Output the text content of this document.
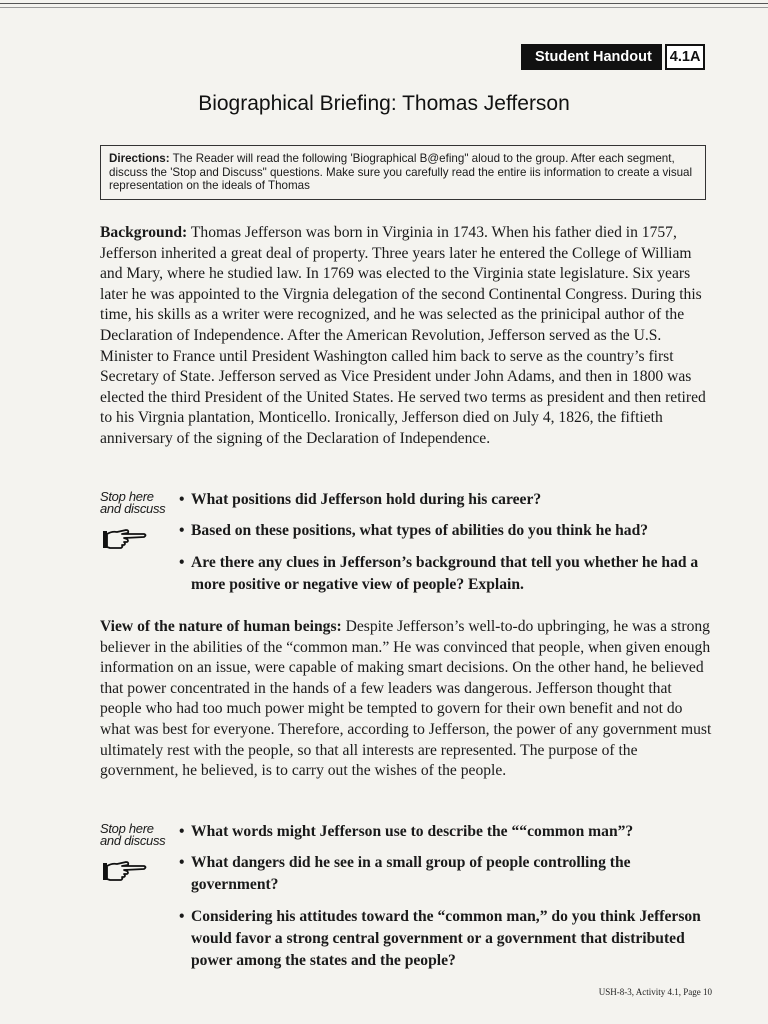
Student Handout	4.1A
Biographical Briefing: Thomas Jefferson
Directions: The Reader will read the following 'Biographical B@efing" aloud to the group. After each segment, discuss the 'Stop and Discuss" questions. Make sure you carefully read the entire iis information to create a visual representation on the ideals of Thomas

Background: Thomas Jefferson was born in Virginia in 1743. When his father died in 1757, Jefferson inherited a great deal of property. Three years later he entered the College of William and Mary, where he studied law. In 1769 was elected to the Virginia state legislature. Six years later he was appointed to the Virgnia delegation of the second Continental Congress. During this time, his skills as a writer were recognized, and he was selected as the prinicipal author of the Declaration of Independence. After the American Revolution, Jefferson served as the U.S. Minister to France until President Washington called him back to serve as the country’s first Secretary of State. Jefferson served as Vice President under John Adams, and then in 1800 was elected the third President of the United States. He served two terms as president and then retired to his Virgnia plantation, Monticello. Ironically, Jefferson died on July 4, 1826, the fiftieth anniversary of the signing of the Declaration of Independence.

Stop here
and discuss
• What positions did Jefferson hold during his career?
• Based on these positions, what types of abilities do you think he had?
• Are there any clues in Jefferson’s background that tell you whether he had a more positive or negative view of people? Explain.

View of the nature of human beings: Despite Jefferson’s well-to-do upbringing, he was a strong believer in the abilities of the “common man.” He was convinced that people, when given enough information on an issue, were capable of making smart decisions. On the other hand, he believed that power concentrated in the hands of a few leaders was dangerous. Jefferson thought that people who had too much power might be tempted to govern for their own benefit and not do what was best for everyone. Therefore, according to Jefferson, the power of any government must ultimately rest with the people, so that all interests are represented. The purpose of the government, he believed, is to carry out the wishes of the people.

Stop here
and discuss
• What words might Jefferson use to describe the ““common man”?
• What dangers did he see in a small group of people controlling the government?
• Considering his attitudes toward the “common man,” do you think Jefferson would favor a strong central government or a government that distributed power among the states and the people?
USH-8-3, Activity 4.1, Page 10
